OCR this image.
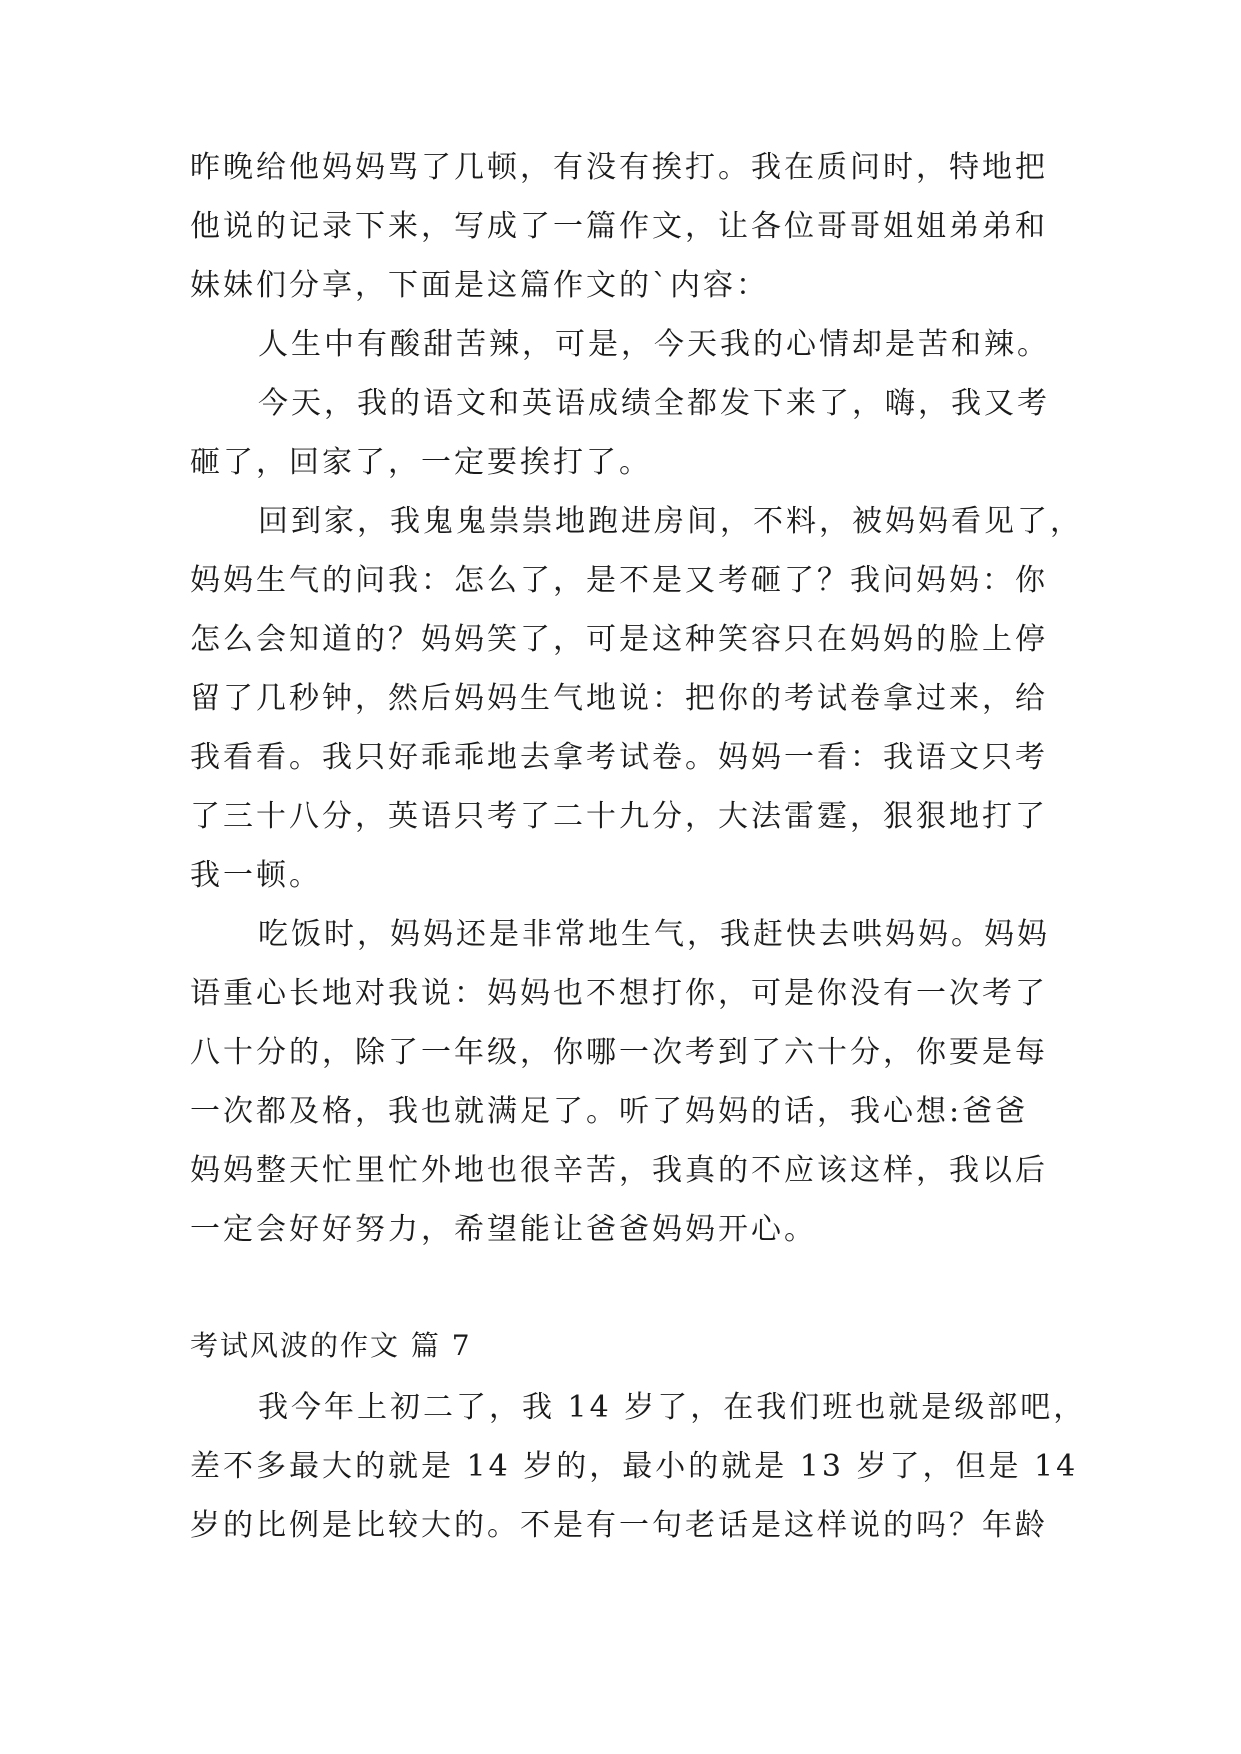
昨晚给他妈妈骂了几顿，有没有挨打。我在质问时，特地把

他说的记录下来，写成了一篇作文，让各位哥哥姐姐弟弟和

妹妹们分享，下面是这篇作文的`内容：

人生中有酸甜苦辣，可是，今天我的心情却是苦和辣。

今天，我的语文和英语成绩全都发下来了，嗨，我又考

砸了，回家了，一定要挨打了。

回到家，我鬼鬼祟祟地跑进房间，不料，被妈妈看见了，

妈妈生气的问我：怎么了，是不是又考砸了？我问妈妈：你

怎么会知道的？妈妈笑了，可是这种笑容只在妈妈的脸上停

留了几秒钟，然后妈妈生气地说：把你的考试卷拿过来，给

我看看。我只好乖乖地去拿考试卷。妈妈一看：我语文只考

了三十八分，英语只考了二十九分，大法雷霆，狠狠地打了

我一顿。

吃饭时，妈妈还是非常地生气，我赶快去哄妈妈。妈妈

语重心长地对我说：妈妈也不想打你，可是你没有一次考了

八十分的，除了一年级，你哪一次考到了六十分，你要是每

一次都及格，我也就满足了。听了妈妈的话，我心想:爸爸

妈妈整天忙里忙外地也很辛苦，我真的不应该这样，我以后

一定会好好努力，希望能让爸爸妈妈开心。

考试风波的作文 篇 7

我今年上初二了，我 14 岁了，在我们班也就是级部吧，

差不多最大的就是 14 岁的，最小的就是 13 岁了，但是 14

岁的比例是比较大的。不是有一句老话是这样说的吗？年龄
